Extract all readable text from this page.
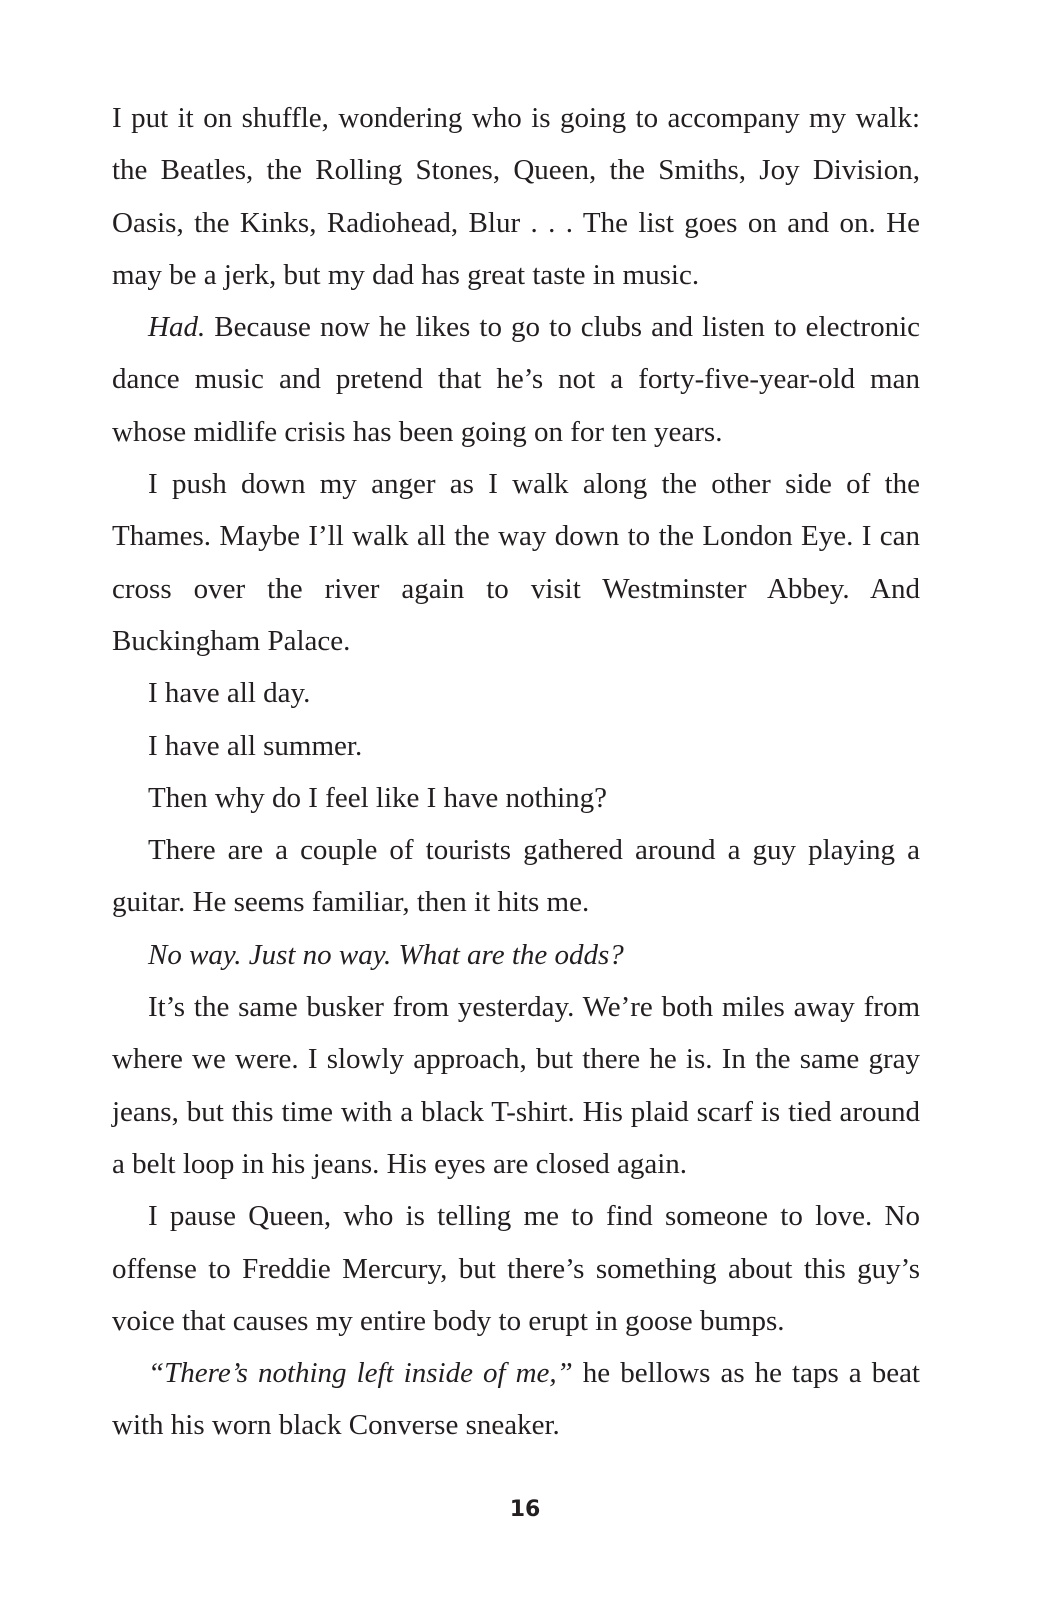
I put it on shuffle, wondering who is going to accompany my walk: the Beatles, the Rolling Stones, Queen, the Smiths, Joy Division, Oasis, the Kinks, Radiohead, Blur . . . The list goes on and on. He may be a jerk, but my dad has great taste in music.

Had. Because now he likes to go to clubs and listen to electronic dance music and pretend that he’s not a forty-five-year-old man whose midlife crisis has been going on for ten years.

I push down my anger as I walk along the other side of the Thames. Maybe I’ll walk all the way down to the London Eye. I can cross over the river again to visit Westminster Abbey. And Buckingham Palace.

I have all day.

I have all summer.

Then why do I feel like I have nothing?

There are a couple of tourists gathered around a guy playing a guitar. He seems familiar, then it hits me.

No way. Just no way. What are the odds?

It’s the same busker from yesterday. We’re both miles away from where we were. I slowly approach, but there he is. In the same gray jeans, but this time with a black T-shirt. His plaid scarf is tied around a belt loop in his jeans. His eyes are closed again.

I pause Queen, who is telling me to find someone to love. No offense to Freddie Mercury, but there’s something about this guy’s voice that causes my entire body to erupt in goose bumps.

“There’s nothing left inside of me,” he bellows as he taps a beat with his worn black Converse sneaker.

16
